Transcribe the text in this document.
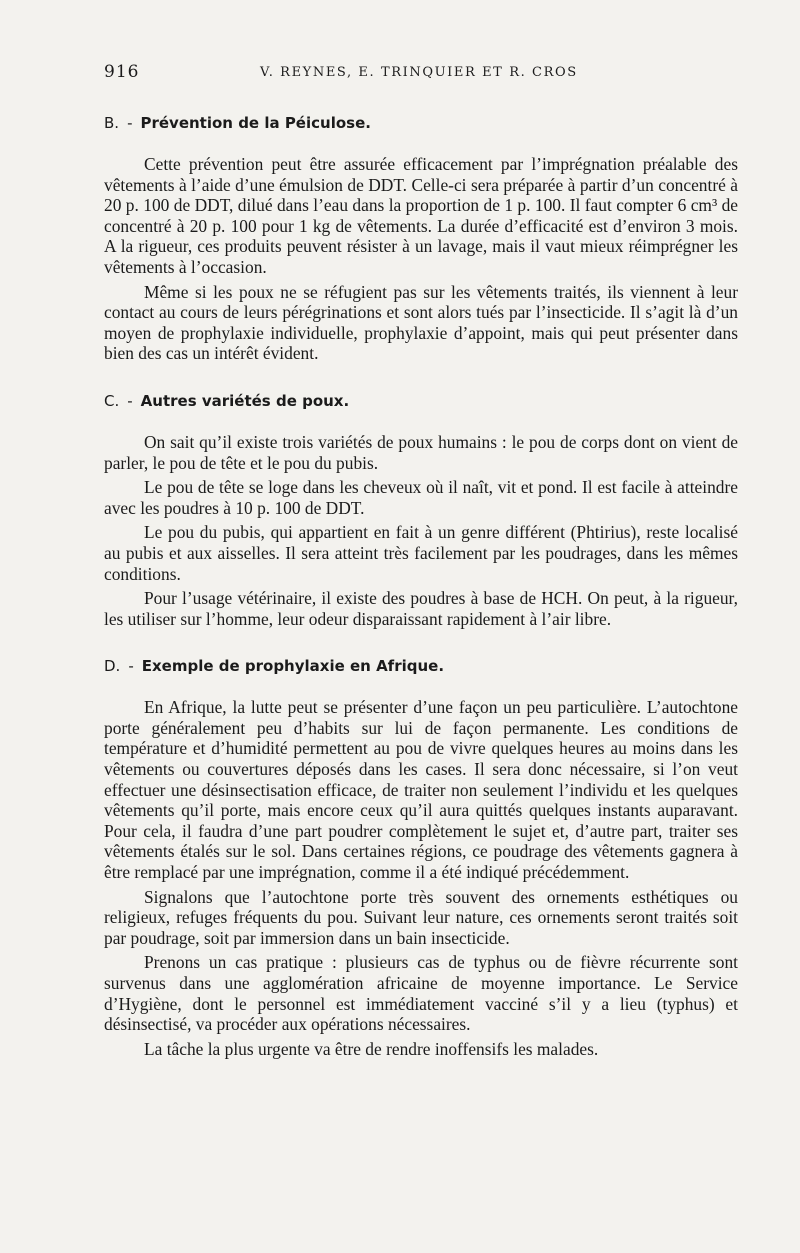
916	V. REYNES, E. TRINQUIER ET R. CROS
B. - Prévention de la Péiculose.

Cette prévention peut être assurée efficacement par l’imprégnation préalable des vêtements à l’aide d’une émulsion de DDT. Celle-ci sera préparée à partir d’un concentré à 20 p. 100 de DDT, dilué dans l’eau dans la proportion de 1 p. 100. Il faut compter 6 cm³ de concentré à 20 p. 100 pour 1 kg de vêtements. La durée d’efficacité est d’environ 3 mois. A la rigueur, ces produits peuvent résister à un lavage, mais il vaut mieux réimprégner les vêtements à l’occasion.

Même si les poux ne se réfugient pas sur les vêtements traités, ils viennent à leur contact au cours de leurs pérégrinations et sont alors tués par l’insecticide. Il s’agit là d’un moyen de prophylaxie individuelle, prophylaxie d’appoint, mais qui peut présenter dans bien des cas un intérêt évident.

C. - Autres variétés de poux.

On sait qu’il existe trois variétés de poux humains : le pou de corps dont on vient de parler, le pou de tête et le pou du pubis.

Le pou de tête se loge dans les cheveux où il naît, vit et pond. Il est facile à atteindre avec les poudres à 10 p. 100 de DDT.

Le pou du pubis, qui appartient en fait à un genre différent (Phtirius), reste localisé au pubis et aux aisselles. Il sera atteint très facilement par les poudrages, dans les mêmes conditions.

Pour l’usage vétérinaire, il existe des poudres à base de HCH. On peut, à la rigueur, les utiliser sur l’homme, leur odeur disparaissant rapidement à l’air libre.

D. - Exemple de prophylaxie en Afrique.

En Afrique, la lutte peut se présenter d’une façon un peu particulière. L’autochtone porte généralement peu d’habits sur lui de façon permanente. Les conditions de température et d’humidité permettent au pou de vivre quelques heures au moins dans les vêtements ou couvertures déposés dans les cases. Il sera donc nécessaire, si l’on veut effectuer une désinsectisation efficace, de traiter non seulement l’individu et les quelques vêtements qu’il porte, mais encore ceux qu’il aura quittés quelques instants auparavant. Pour cela, il faudra d’une part poudrer complètement le sujet et, d’autre part, traiter ses vêtements étalés sur le sol. Dans certaines régions, ce poudrage des vêtements gagnera à être remplacé par une imprégnation, comme il a été indiqué précédemment.

Signalons que l’autochtone porte très souvent des ornements esthétiques ou religieux, refuges fréquents du pou. Suivant leur nature, ces ornements seront traités soit par poudrage, soit par immersion dans un bain insecticide.

Prenons un cas pratique : plusieurs cas de typhus ou de fièvre récurrente sont survenus dans une agglomération africaine de moyenne importance. Le Service d’Hygiène, dont le personnel est immédiatement vacciné s’il y a lieu (typhus) et désinsectisé, va procéder aux opérations nécessaires.

La tâche la plus urgente va être de rendre inoffensifs les malades.
